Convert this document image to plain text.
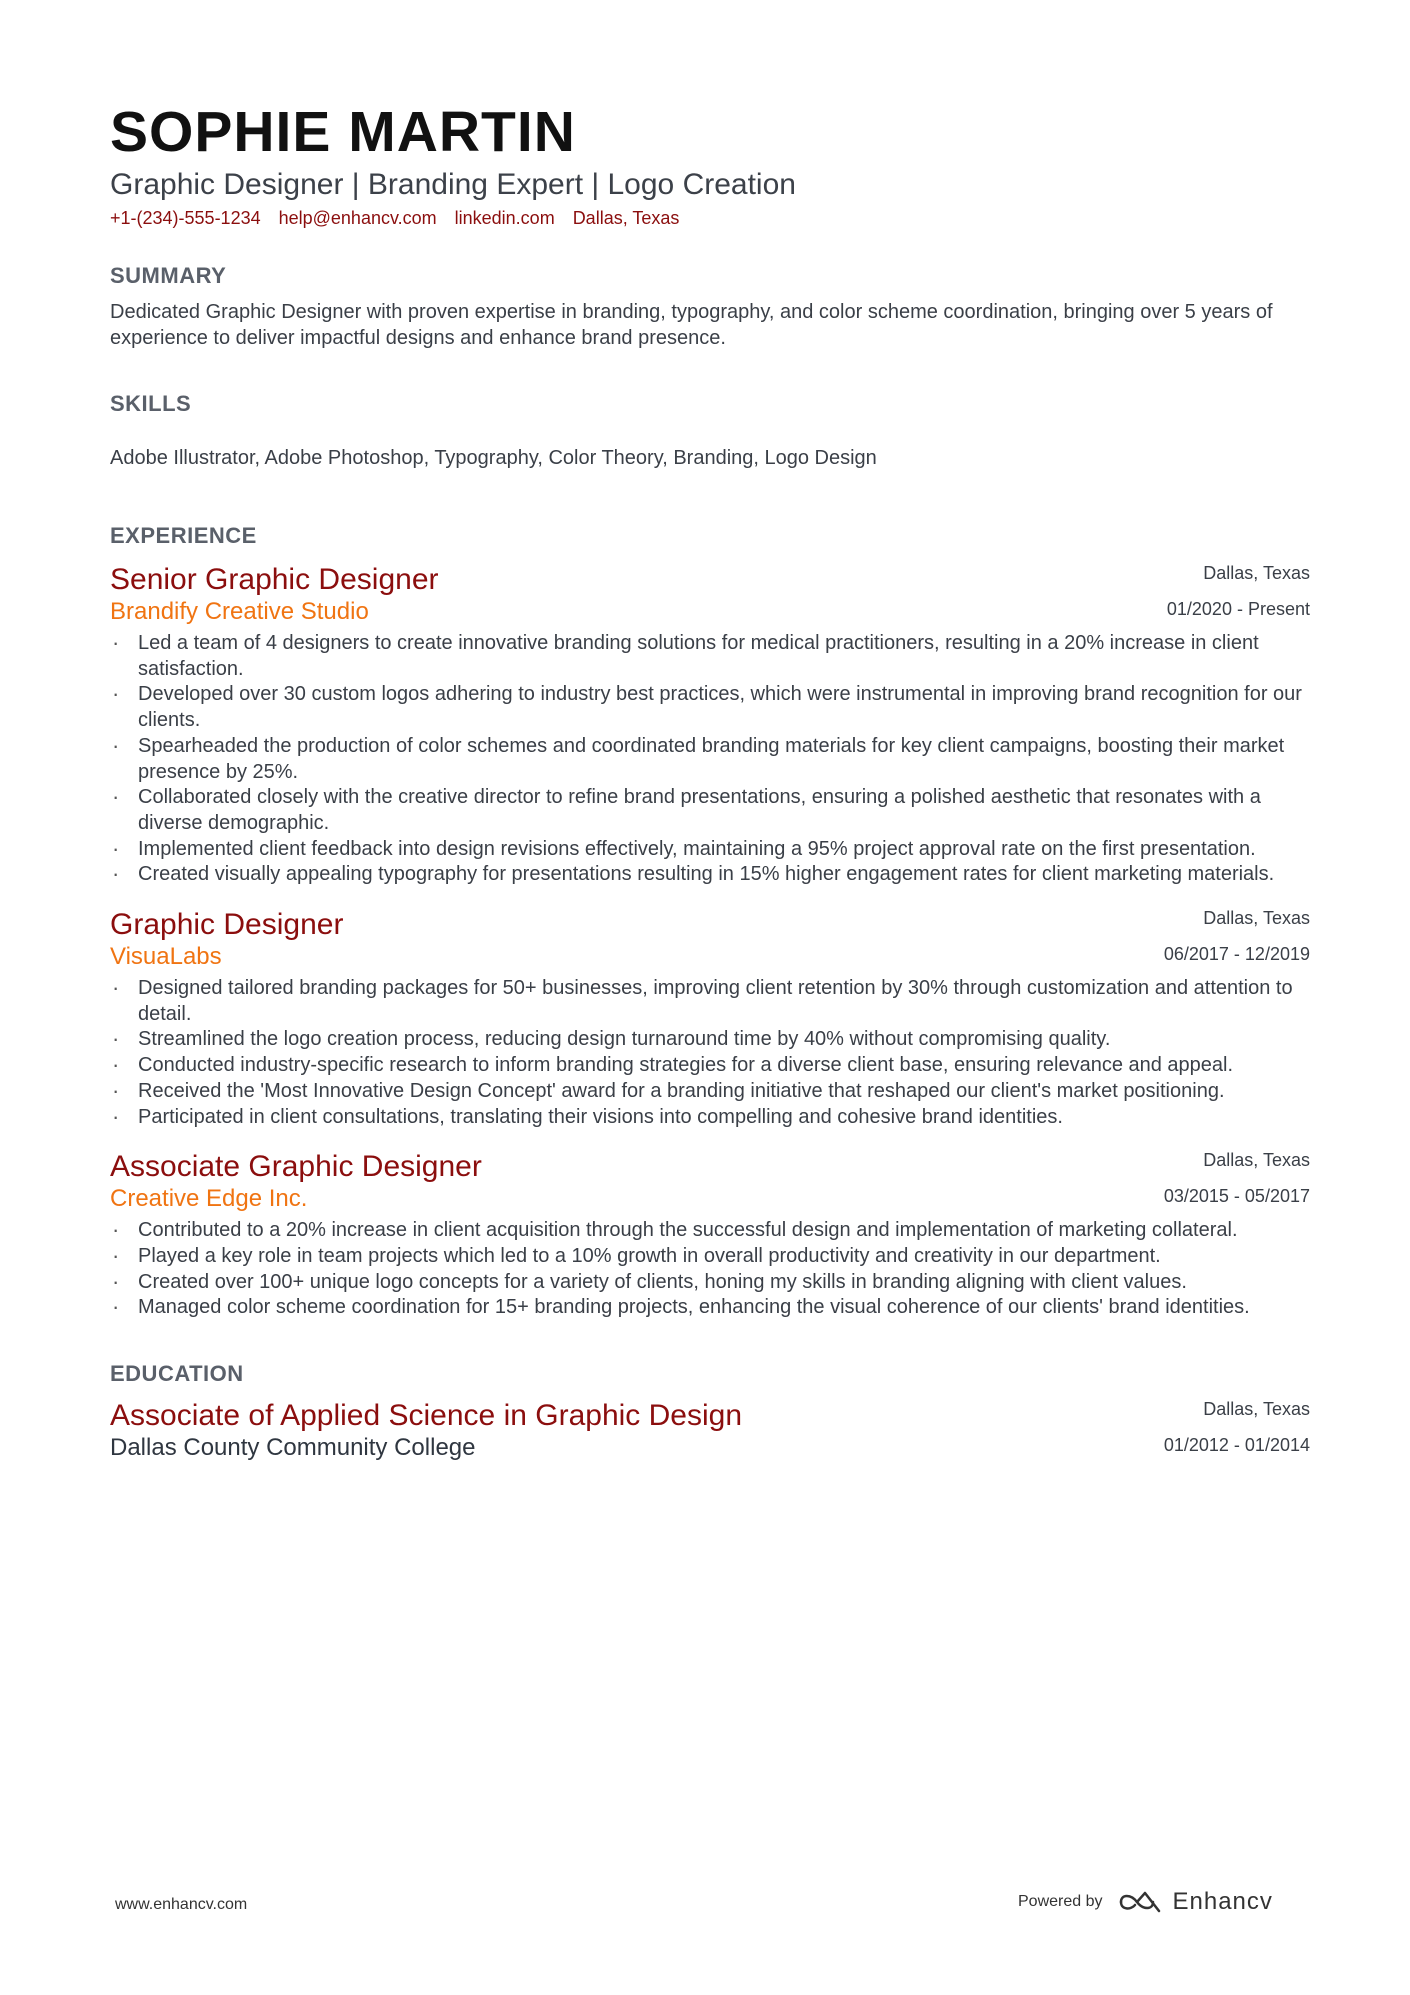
SOPHIE MARTIN
Graphic Designer | Branding Expert | Logo Creation
+1-(234)-555-1234 help@enhancv.com linkedin.com Dallas, Texas
SUMMARY
Dedicated Graphic Designer with proven expertise in branding, typography, and color scheme coordination, bringing over 5 years of experience to deliver impactful designs and enhance brand presence.
SKILLS
Adobe Illustrator, Adobe Photoshop, Typography, Color Theory, Branding, Logo Design
EXPERIENCE
Senior Graphic Designer
Brandify Creative Studio
Dallas, Texas
01/2020 - Present
· Led a team of 4 designers to create innovative branding solutions for medical practitioners, resulting in a 20% increase in client satisfaction.
· Developed over 30 custom logos adhering to industry best practices, which were instrumental in improving brand recognition for our clients.
· Spearheaded the production of color schemes and coordinated branding materials for key client campaigns, boosting their market presence by 25%.
· Collaborated closely with the creative director to refine brand presentations, ensuring a polished aesthetic that resonates with a diverse demographic.
· Implemented client feedback into design revisions effectively, maintaining a 95% project approval rate on the first presentation.
· Created visually appealing typography for presentations resulting in 15% higher engagement rates for client marketing materials.
Graphic Designer
VisuaLabs
Dallas, Texas
06/2017 - 12/2019
· Designed tailored branding packages for 50+ businesses, improving client retention by 30% through customization and attention to detail.
· Streamlined the logo creation process, reducing design turnaround time by 40% without compromising quality.
· Conducted industry-specific research to inform branding strategies for a diverse client base, ensuring relevance and appeal.
· Received the 'Most Innovative Design Concept' award for a branding initiative that reshaped our client's market positioning.
· Participated in client consultations, translating their visions into compelling and cohesive brand identities.
Associate Graphic Designer
Creative Edge Inc.
Dallas, Texas
03/2015 - 05/2017
· Contributed to a 20% increase in client acquisition through the successful design and implementation of marketing collateral.
· Played a key role in team projects which led to a 10% growth in overall productivity and creativity in our department.
· Created over 100+ unique logo concepts for a variety of clients, honing my skills in branding aligning with client values.
· Managed color scheme coordination for 15+ branding projects, enhancing the visual coherence of our clients' brand identities.
EDUCATION
Associate of Applied Science in Graphic Design
Dallas County Community College
Dallas, Texas
01/2012 - 01/2014
www.enhancv.com	Powered by	Enhancv
